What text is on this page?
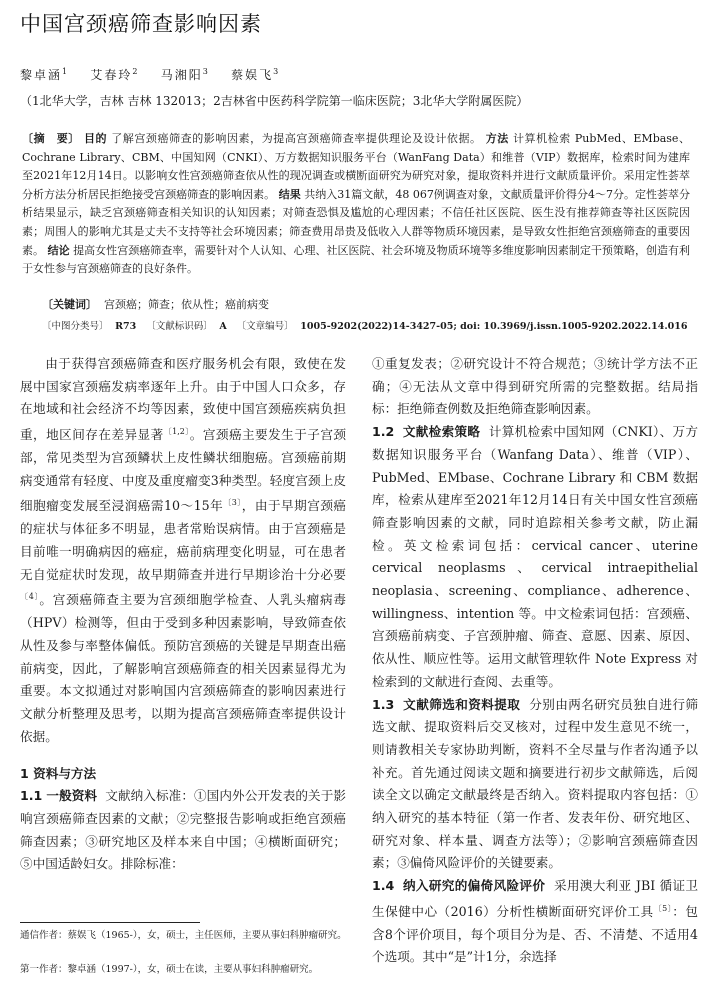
中国宫颈癌筛查影响因素
黎卓涵$^1$ 艾春玲$^2$ 马湘阳$^3$ 蔡娱飞$^3$
（1北华大学，吉林 吉林 132013；2吉林省中医药科学院第一临床医院；3北华大学附属医院）
〔摘　要〕 目的 了解宫颈癌筛查的影响因素，为提高宫颈癌筛查率提供理论及设计依据。 方法 计算机检索 PubMed、EMbase、Cochrane Library、CBM、中国知网（CNKI）、万方数据知识服务平台（WanFang Data）和维普（VIP）数据库，检索时间为建库至2021年12月14日。以影响女性宫颈癌筛查依从性的现况调查或横断面研究为研究对象，提取资料并进行文献质量评价。采用定性荟萃分析方法分析居民拒绝接受宫颈癌筛查的影响因素。 结果 共纳入31篇文献，48 067例调查对象，文献质量评价得分4～7分。定性荟萃分析结果显示，缺乏宫颈癌筛查相关知识的认知因素；对筛查恐惧及尴尬的心理因素；不信任社区医院、医生没有推荐筛查等社区医院因素；周围人的影响尤其是丈夫不支持等社会环境因素；筛查费用昂贵及低收入人群等物质环境因素，是导致女性拒绝宫颈癌筛查的重要因素。 结论 提高女性宫颈癌筛查率，需要针对个人认知、心理、社区医院、社会环境及物质环境等多维度影响因素制定干预策略，创造有利于女性参与宫颈癌筛查的良好条件。
〔关键词〕 宫颈癌；筛查；依从性；癌前病变
〔中图分类号〕 R73 〔文献标识码〕 A 〔文章编号〕 1005-9202(2022)14-3427-05; doi: 10.3969/j.issn.1005-9202.2022.14.016

由于获得宫颈癌筛查和医疗服务机会有限，致使在发展中国家宫颈癌发病率逐年上升。由于中国人口众多，存在地域和社会经济不均等因素，致使中国宫颈癌疾病负担重，地区间存在差异显著$^{〔1,2〕}$。宫颈癌主要发生于子宫颈部，常见类型为宫颈鳞状上皮性鳞状细胞癌。宫颈癌前期病变通常有轻度、中度及重度瘤变3种类型。轻度宫颈上皮细胞瘤变发展至浸润癌需10～15年$^{〔3〕}$，由于早期宫颈癌的症状与体征多不明显，患者常贻误病情。由于宫颈癌是目前唯一明确病因的癌症，癌前病理变化明显，可在患者无自觉症状时发现，故早期筛查并进行早期诊治十分必要$^{〔4〕}$。宫颈癌筛查主要为宫颈细胞学检查、人乳头瘤病毒（HPV）检测等，但由于受到多种因素影响，导致筛查依从性及参与率整体偏低。预防宫颈癌的关键是早期查出癌前病变，因此，了解影响宫颈癌筛查的相关因素显得尤为重要。本文拟通过对影响国内宫颈癌筛查的影响因素进行文献分析整理及思考，以期为提高宫颈癌筛查率提供设计依据。

1 资料与方法

1.1 一般资料 文献纳入标准：①国内外公开发表的关于影响宫颈癌筛查因素的文献；②完整报告影响或拒绝宫颈癌筛查因素；③研究地区及样本来自中国；④横断面研究；⑤中国适龄妇女。排除标准：

①重复发表；②研究设计不符合规范；③统计学方法不正确；④无法从文章中得到研究所需的完整数据。结局指标：拒绝筛查例数及拒绝筛查影响因素。

1.2 文献检索策略 计算机检索中国知网（CNKI）、万方数据知识服务平台（Wanfang Data）、维普（VIP）、PubMed、EMbase、Cochrane Library 和 CBM 数据库，检索从建库至2021年12月14日有关中国女性宫颈癌筛查影响因素的文献，同时追踪相关参考文献，防止漏检。英文检索词包括：cervical cancer、uterine cervical neoplasms、cervical intraepithelial neoplasia、screening、compliance、adherence、willingness、intention 等。中文检索词包括：宫颈癌、宫颈癌前病变、子宫颈肿瘤、筛查、意愿、因素、原因、依从性、顺应性等。运用文献管理软件 Note Express 对检索到的文献进行查阅、去重等。

1.3 文献筛选和资料提取 分别由两名研究员独自进行筛选文献、提取资料后交叉核对，过程中发生意见不统一，则请教相关专家协助判断，资料不全尽量与作者沟通予以补充。首先通过阅读文题和摘要进行初步文献筛选，后阅读全文以确定文献最终是否纳入。资料提取内容包括：①纳入研究的基本特征（第一作者、发表年份、研究地区、研究对象、样本量、调查方法等）；②影响宫颈癌筛查因素；③偏倚风险评价的关键要素。

1.4 纳入研究的偏倚风险评价 采用澳大利亚 JBI 循证卫生保健中心（2016）分析性横断面研究评价工具$^{〔5〕}$：包含8个评价项目，每个项目分为是、否、不清楚、不适用4个选项。其中“是”计1分，余选择

通信作者：蔡娱飞（1965-），女，硕士，主任医师，主要从事妇科肿瘤研究。
第一作者：黎卓涵（1997-），女，硕士在读，主要从事妇科肿瘤研究。
